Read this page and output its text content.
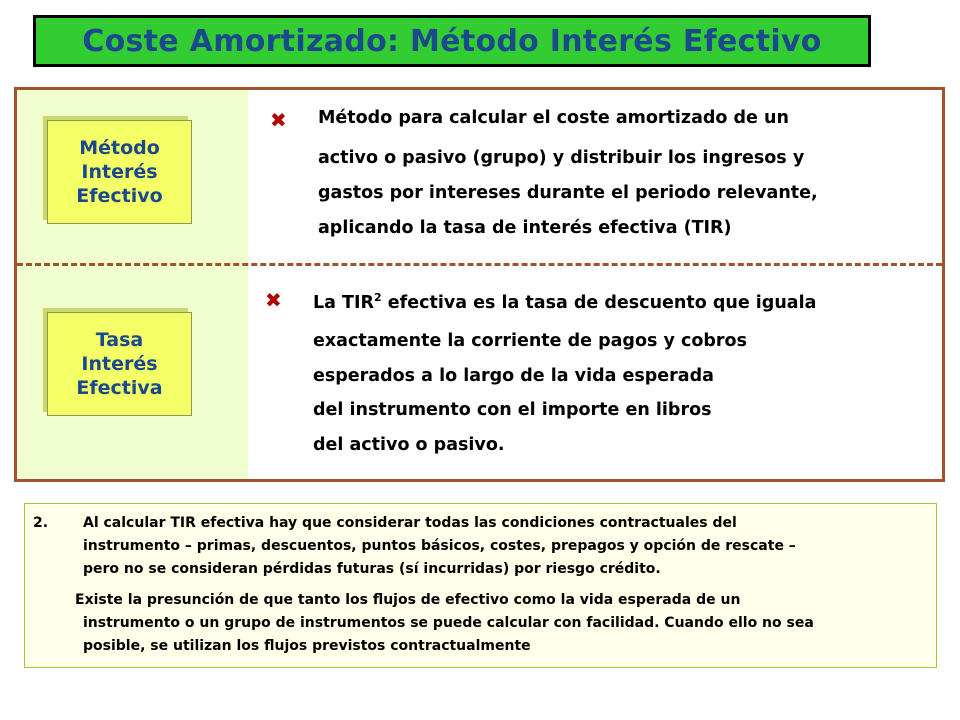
Coste Amortizado: Método Interés Efectivo
Método
Interés
Efectivo
Tasa
Interés
Efectiva
✖ Método para calcular el coste amortizado de un
activo o pasivo (grupo) y distribuir los ingresos y
gastos por intereses durante el periodo relevante,
aplicando la tasa de interés efectiva (TIR)
✖ La TIR$^2$ efectiva es la tasa de descuento que iguala
exactamente la corriente de pagos y cobros
esperados a lo largo de la vida esperada
del instrumento con el importe en libros
del activo o pasivo.
2. Al calcular TIR efectiva hay que considerar todas las condiciones contractuales del
instrumento – primas, descuentos, puntos básicos, costes, prepagos y opción de rescate –
pero no se consideran pérdidas futuras (sí incurridas) por riesgo crédito.
Existe la presunción de que tanto los flujos de efectivo como la vida esperada de un
instrumento o un grupo de instrumentos se puede calcular con facilidad. Cuando ello no sea
posible, se utilizan los flujos previstos contractualmente
